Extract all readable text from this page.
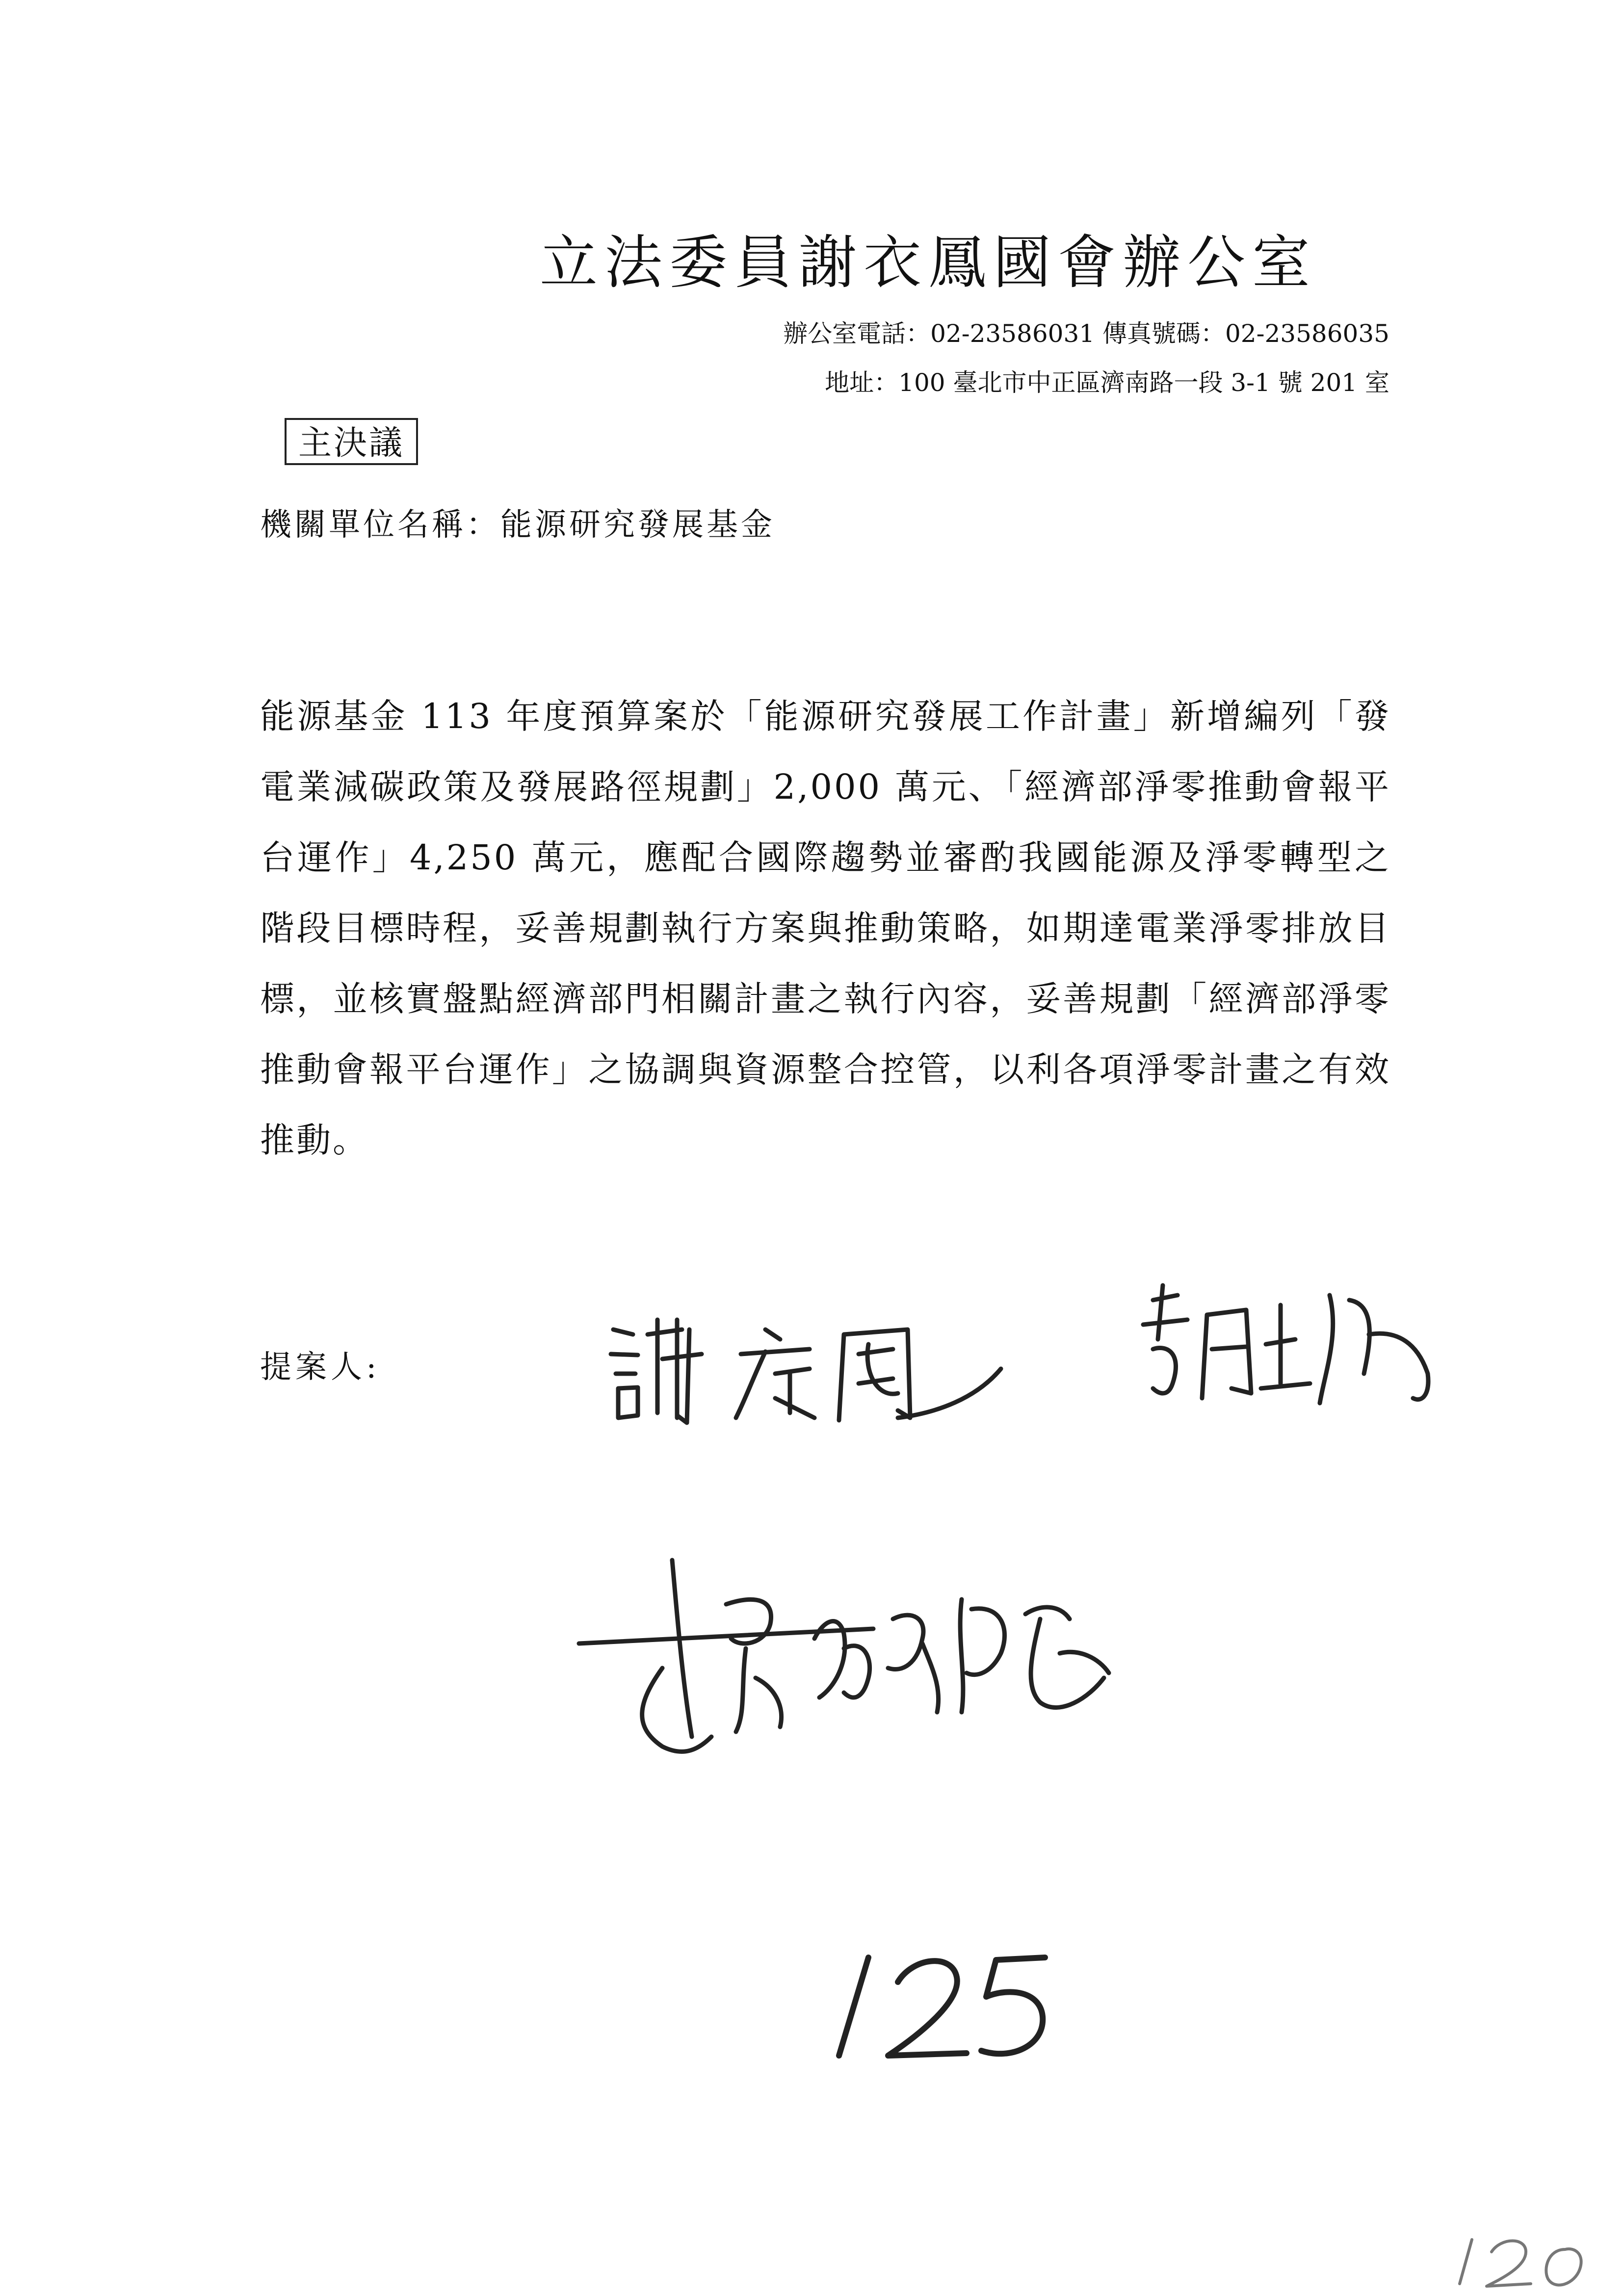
立法委員謝衣鳳國會辦公室
辦公室電話：02-23586031 傳真號碼：02-23586035
地址：100 臺北市中正區濟南路一段 3-1 號 201 室
主決議
機關單位名稱：能源研究發展基金

能源基金 113 年度預算案於「能源研究發展工作計畫」新增編列「發電業減碳政策及發展路徑規劃」2,000 萬元、「經濟部淨零推動會報平台運作」4,250 萬元，應配合國際趨勢並審酌我國能源及淨零轉型之階段目標時程，妥善規劃執行方案與推動策略，如期達電業淨零排放目標，並核實盤點經濟部門相關計畫之執行內容，妥善規劃「經濟部淨零推動會報平台運作」之協調與資源整合控管，以利各項淨零計畫之有效推動。

提案人:
